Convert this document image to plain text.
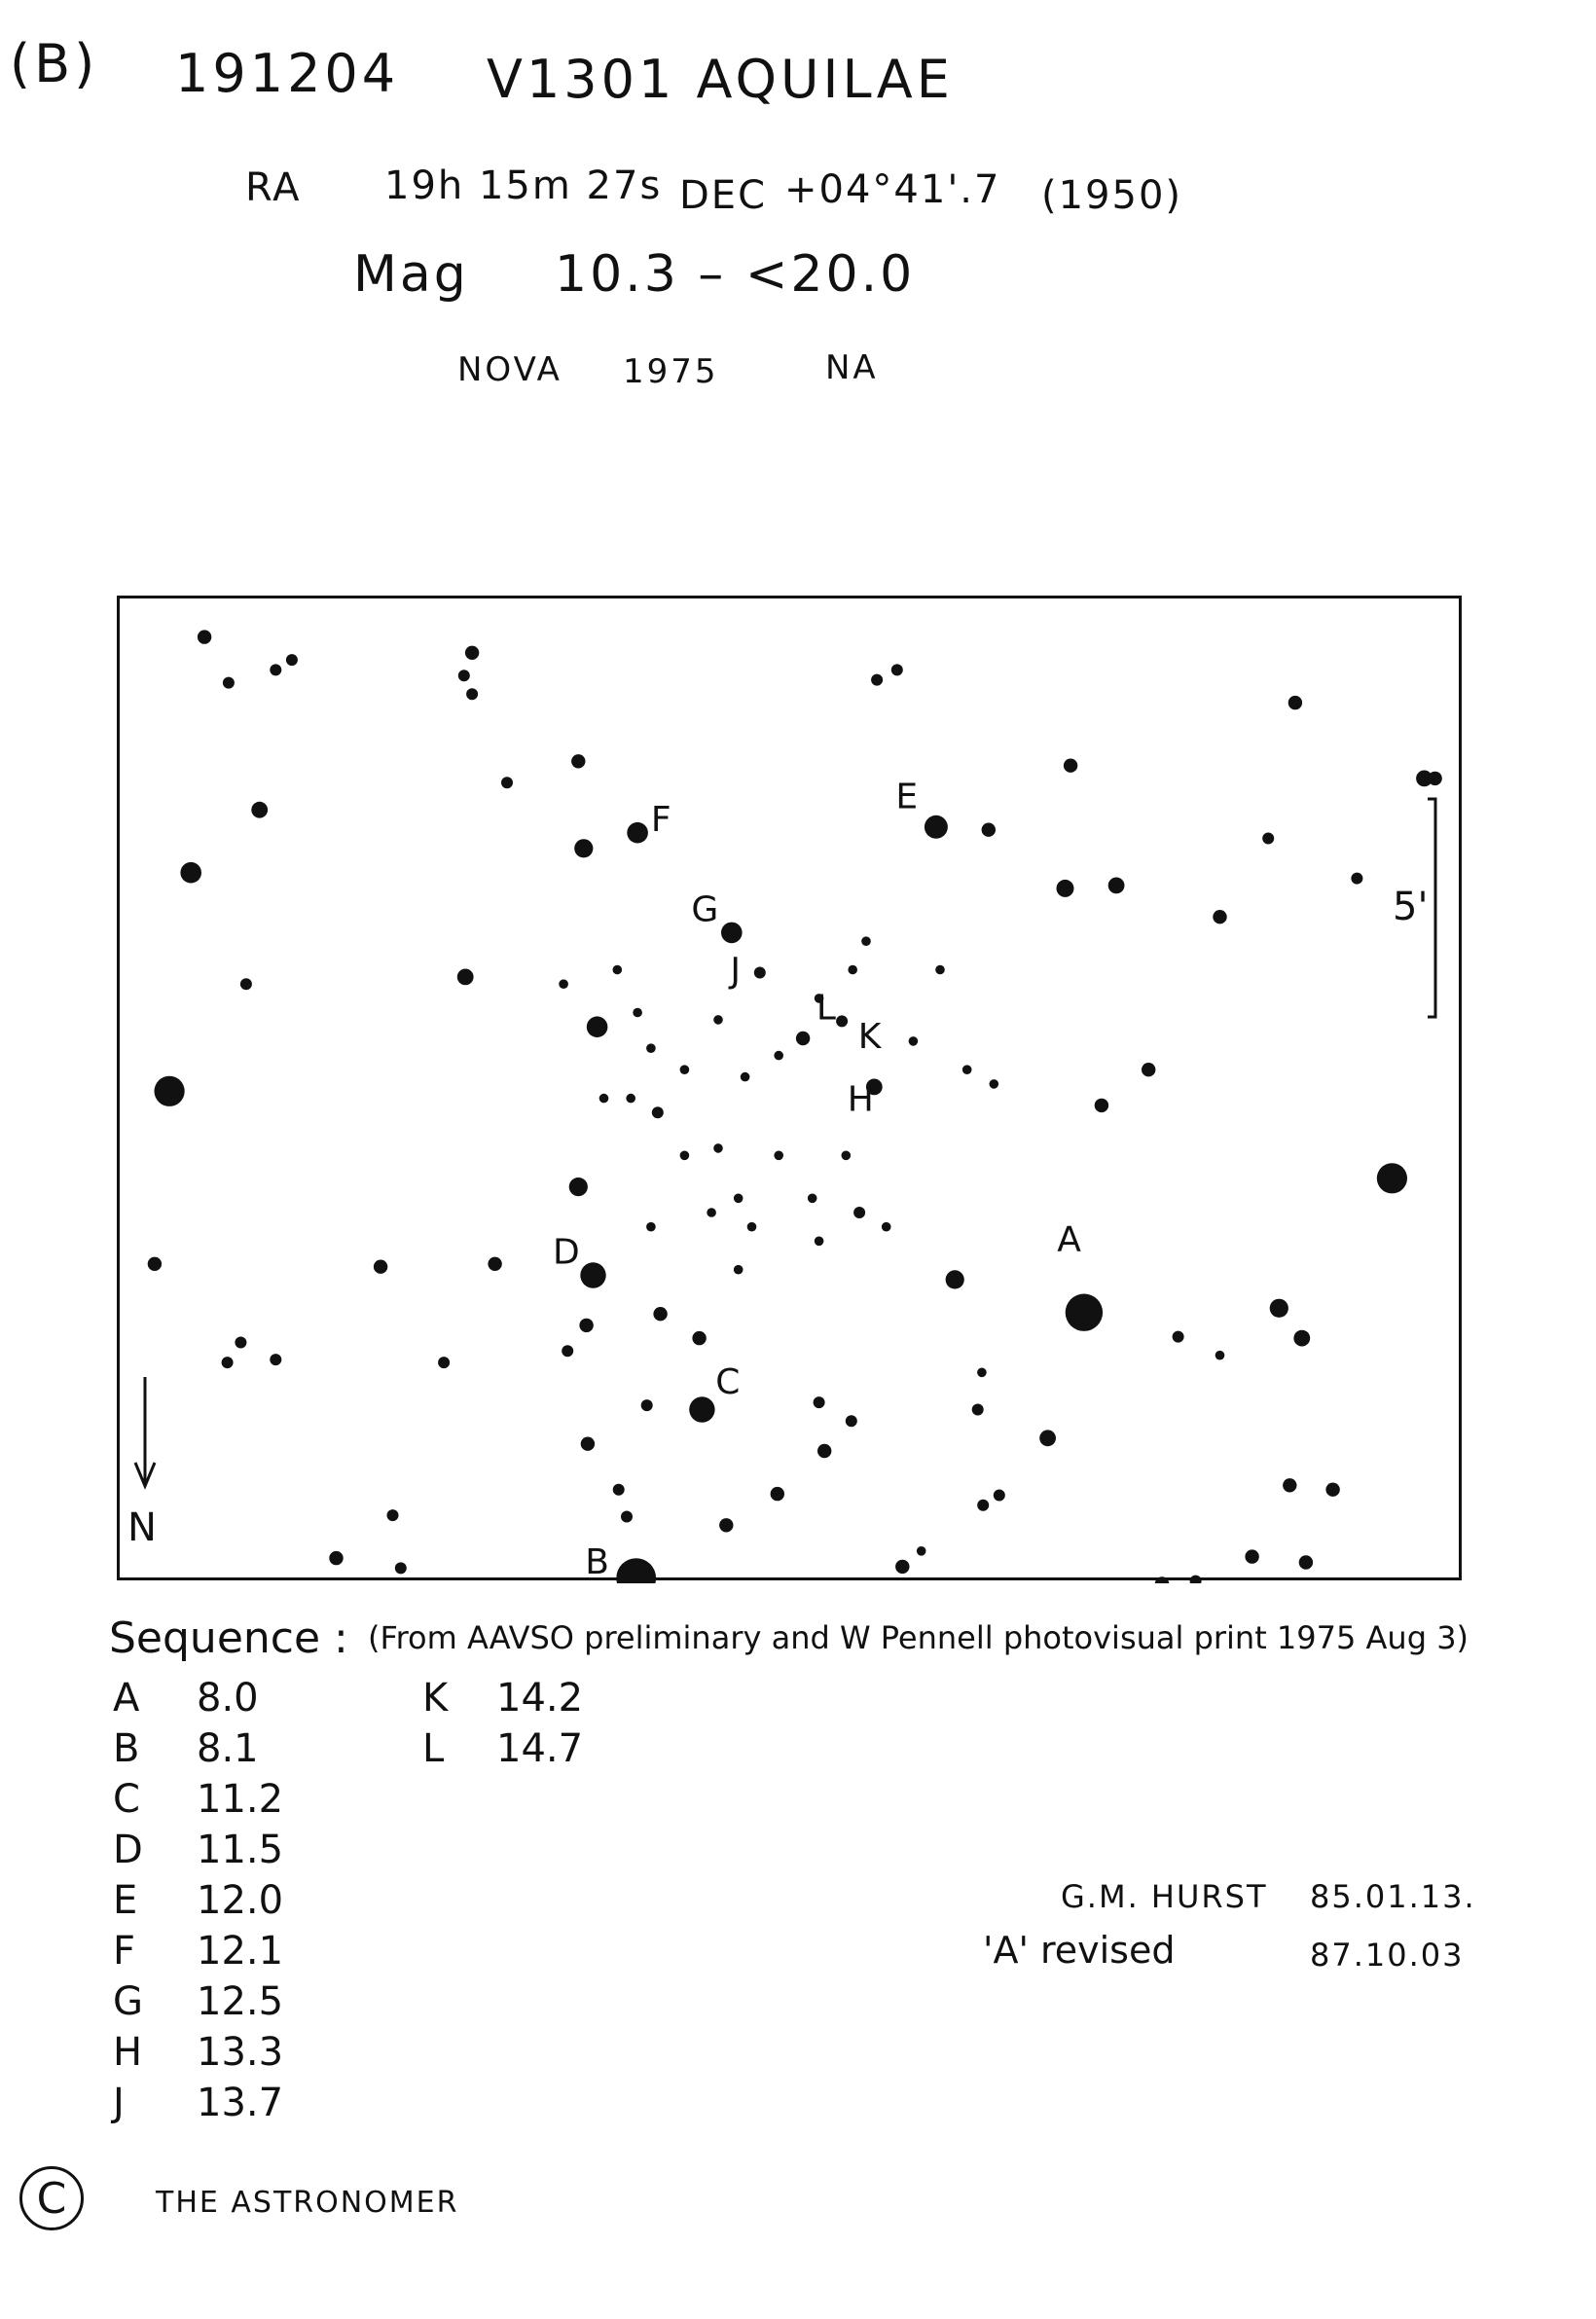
(B) 191204 V1301 AQUILAE
RA 19h 15m 27s DEC +04°41'.7 (1950)
Mag 10.3 – <20.0
NOVA 1975	NA
F
E
G
J
L
K
H
D	A
C
B
5'
N
Sequence : (From AAVSO preliminary and W Pennell photovisual print 1975 Aug 3)
A 8.0
B 8.1
C 11.2
D 11.5
E 12.0
F 12.1
G 12.5
H 13.3
J 13.7
K 14.2
L 14.7
G.M. HURST 85.01.13.
'A' revised	87.10.03
C	THE ASTRONOMER
